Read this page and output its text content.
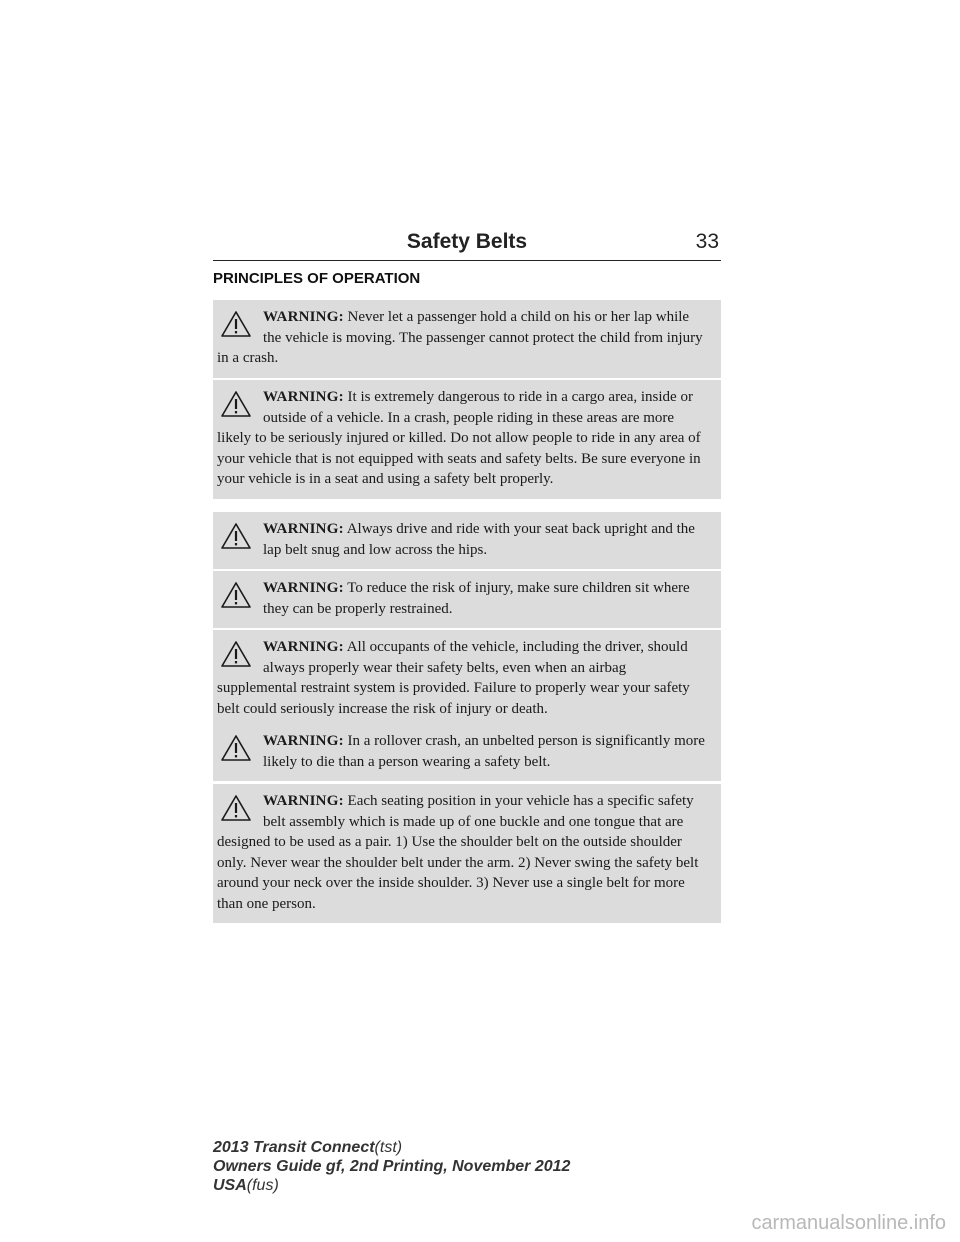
Safety Belts	33
PRINCIPLES OF OPERATION
WARNING: Never let a passenger hold a child on his or her lap while the vehicle is moving. The passenger cannot protect the child from injury in a crash.
WARNING: It is extremely dangerous to ride in a cargo area, inside or outside of a vehicle. In a crash, people riding in these areas are more likely to be seriously injured or killed. Do not allow people to ride in any area of your vehicle that is not equipped with seats and safety belts. Be sure everyone in your vehicle is in a seat and using a safety belt properly.
WARNING: Always drive and ride with your seat back upright and the lap belt snug and low across the hips.
WARNING: To reduce the risk of injury, make sure children sit where they can be properly restrained.
WARNING: All occupants of the vehicle, including the driver, should always properly wear their safety belts, even when an airbag supplemental restraint system is provided. Failure to properly wear your safety belt could seriously increase the risk of injury or death.
WARNING: In a rollover crash, an unbelted person is significantly more likely to die than a person wearing a safety belt.
WARNING: Each seating position in your vehicle has a specific safety belt assembly which is made up of one buckle and one tongue that are designed to be used as a pair. 1) Use the shoulder belt on the outside shoulder only. Never wear the shoulder belt under the arm. 2) Never swing the safety belt around your neck over the inside shoulder. 3) Never use a single belt for more than one person.
2013 Transit Connect(tst)
Owners Guide gf, 2nd Printing, November 2012
USA(fus)
carmanualsonline.info
